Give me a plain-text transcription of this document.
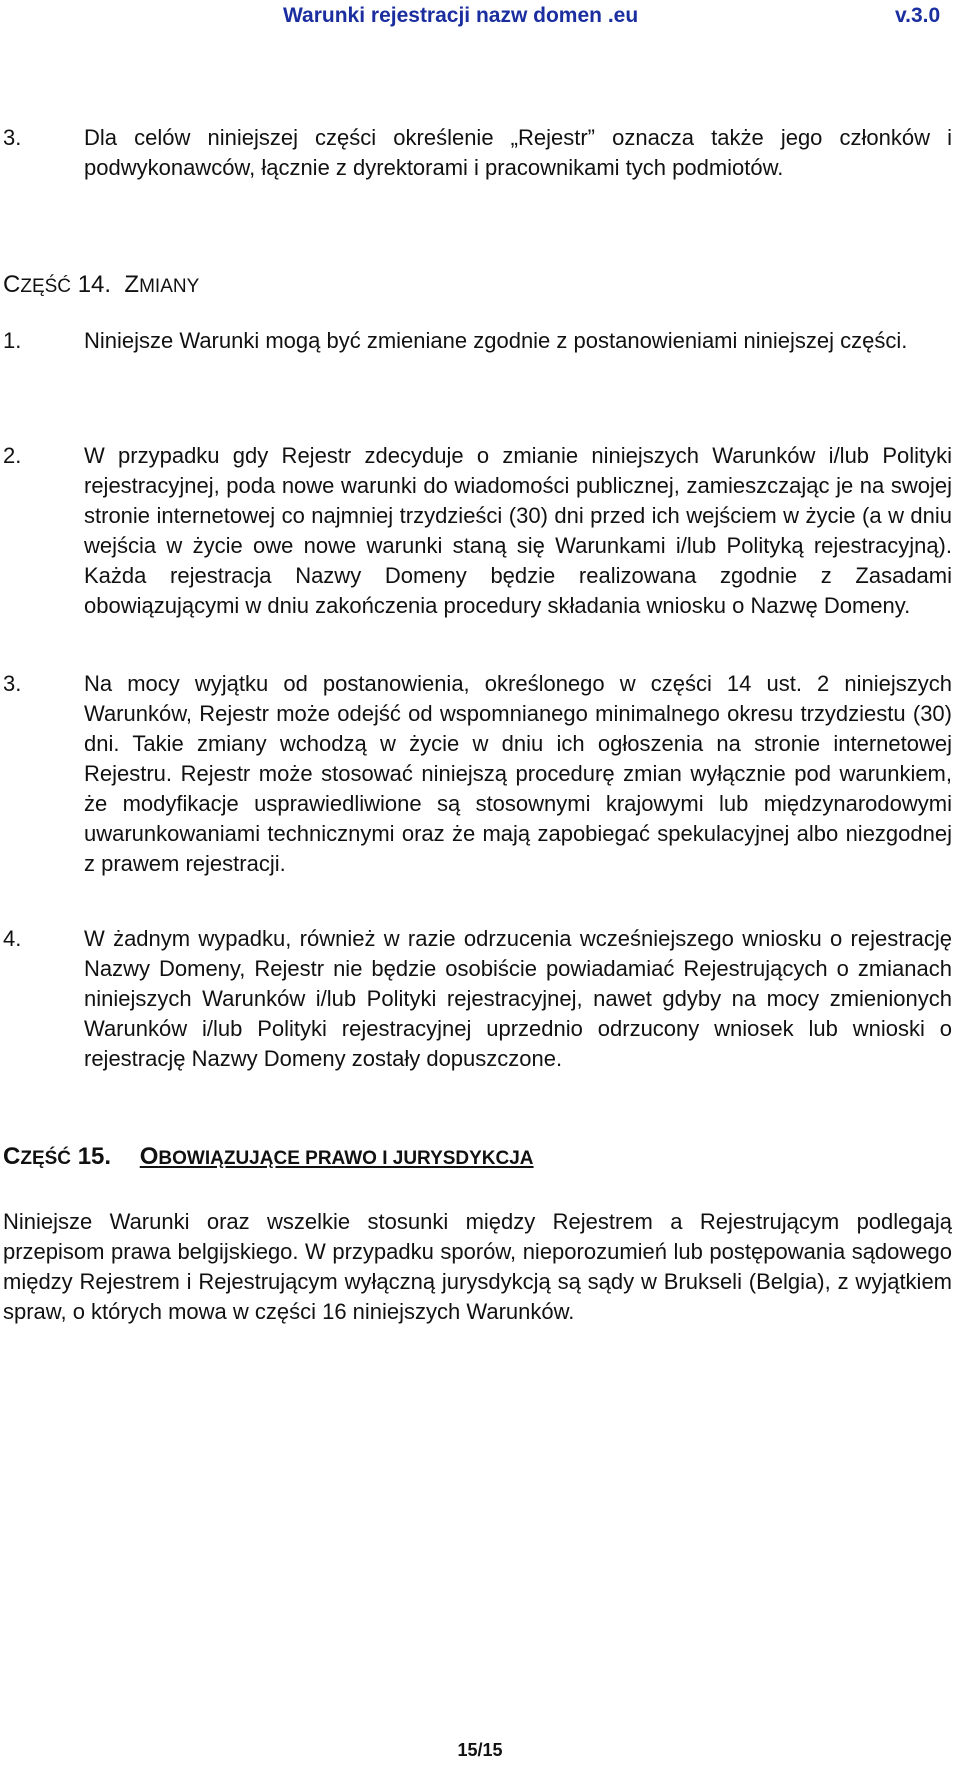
Warunki rejestracji nazw domen .eu	v.3.0
3.	Dla celów niniejszej części określenie „Rejestr” oznacza także jego członków i podwykonawców, łącznie z dyrektorami i pracownikami tych podmiotów.
CZĘŚĆ 14. ZMIANY
1.	Niniejsze Warunki mogą być zmieniane zgodnie z postanowieniami niniejszej części.
2.	W przypadku gdy Rejestr zdecyduje o zmianie niniejszych Warunków i/lub Polityki rejestracyjnej, poda nowe warunki do wiadomości publicznej, zamieszczając je na swojej stronie internetowej co najmniej trzydzieści (30) dni przed ich wejściem w życie (a w dniu wejścia w życie owe nowe warunki staną się Warunkami i/lub Polityką rejestracyjną). Każda rejestracja Nazwy Domeny będzie realizowana zgodnie z Zasadami obowiązującymi w dniu zakończenia procedury składania wniosku o Nazwę Domeny.
3.	Na mocy wyjątku od postanowienia, określonego w części 14 ust. 2 niniejszych Warunków, Rejestr może odejść od wspomnianego minimalnego okresu trzydziestu (30) dni. Takie zmiany wchodzą w życie w dniu ich ogłoszenia na stronie internetowej Rejestru. Rejestr może stosować niniejszą procedurę zmian wyłącznie pod warunkiem, że modyfikacje usprawiedliwione są stosownymi krajowymi lub międzynarodowymi uwarunkowaniami technicznymi oraz że mają zapobiegać spekulacyjnej albo niezgodnej z prawem rejestracji.
4.	W żadnym wypadku, również w razie odrzucenia wcześniejszego wniosku o rejestrację Nazwy Domeny, Rejestr nie będzie osobiście powiadamiać Rejestrujących o zmianach niniejszych Warunków i/lub Polityki rejestracyjnej, nawet gdyby na mocy zmienionych Warunków i/lub Polityki rejestracyjnej uprzednio odrzucony wniosek lub wnioski o rejestrację Nazwy Domeny zostały dopuszczone.
CZĘŚĆ 15. OBOWIĄZUJĄCE PRAWO I JURYSDYKCJA
Niniejsze Warunki oraz wszelkie stosunki między Rejestrem a Rejestrującym podlegają przepisom prawa belgijskiego. W przypadku sporów, nieporozumień lub postępowania sądowego między Rejestrem i Rejestrującym wyłączną jurysdykcją są sądy w Brukseli (Belgia), z wyjątkiem spraw, o których mowa w części 16 niniejszych Warunków.
15/15
